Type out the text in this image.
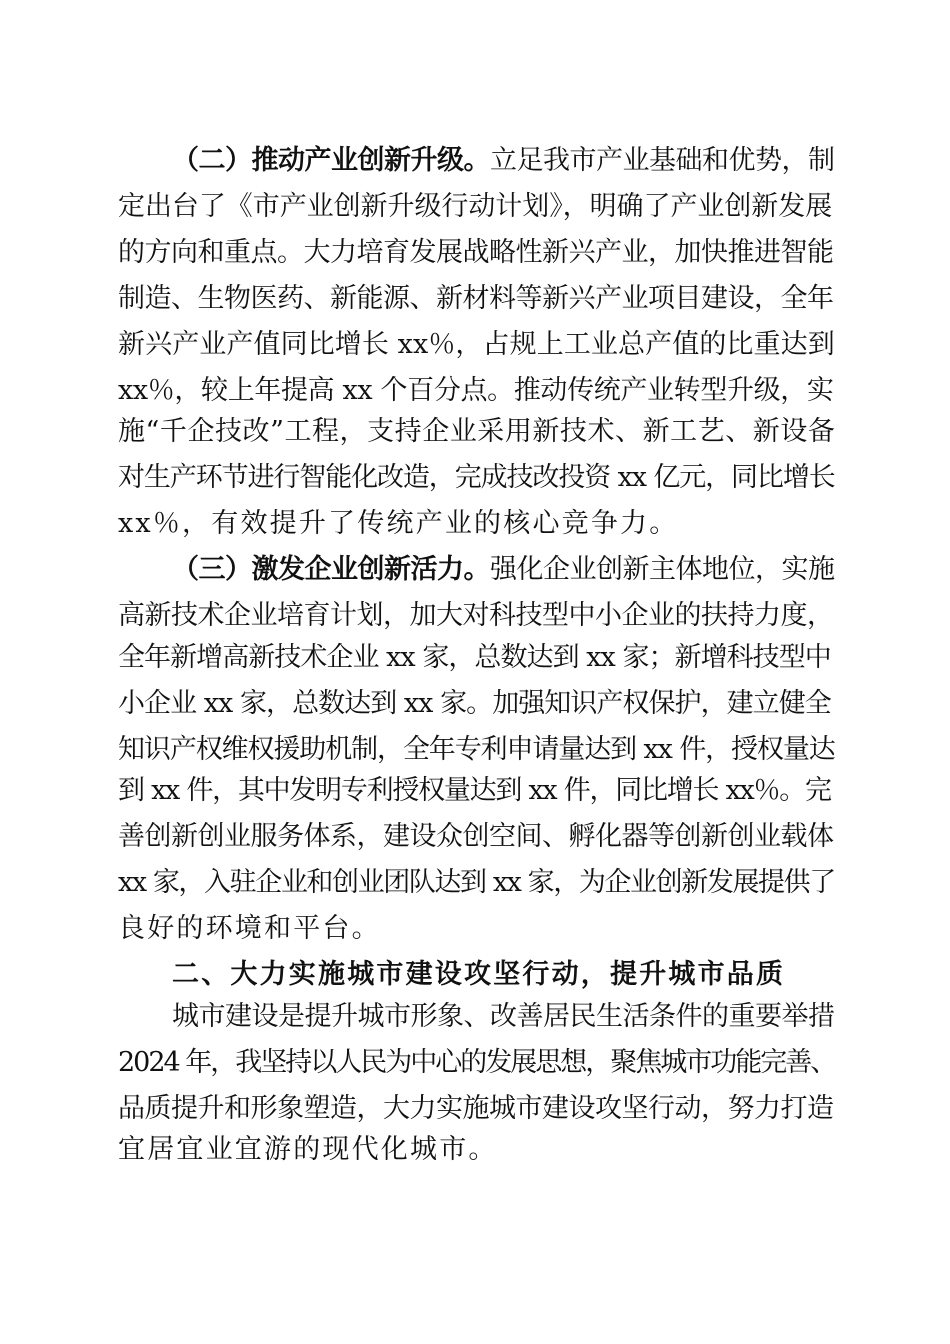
（二）推动产业创新升级。立足我市产业基础和优势，制
定出台了《市产业创新升级行动计划》，明确了产业创新发展
的方向和重点。大力培育发展战略性新兴产业，加快推进智能
制造、生物医药、新能源、新材料等新兴产业项目建设，全年
新兴产业产值同比增长 xx％，占规上工业总产值的比重达到
xx％，较上年提高 xx 个百分点。推动传统产业转型升级，实
施“千企技改”工程，支持企业采用新技术、新工艺、新设备
对生产环节进行智能化改造，完成技改投资 xx 亿元，同比增长
xx％，有效提升了传统产业的核心竞争力。
（三）激发企业创新活力。强化企业创新主体地位，实施
高新技术企业培育计划，加大对科技型中小企业的扶持力度，
全年新增高新技术企业 xx 家，总数达到 xx 家；新增科技型中
小企业 xx 家，总数达到 xx 家。加强知识产权保护，建立健全
知识产权维权援助机制，全年专利申请量达到 xx 件，授权量达
到 xx 件，其中发明专利授权量达到 xx 件，同比增长 xx％。完
善创新创业服务体系，建设众创空间、孵化器等创新创业载体
xx 家，入驻企业和创业团队达到 xx 家，为企业创新发展提供了
良好的环境和平台。
二、大力实施城市建设攻坚行动，提升城市品质
城市建设是提升城市形象、改善居民生活条件的重要举措
2024 年，我坚持以人民为中心的发展思想，聚焦城市功能完善、
品质提升和形象塑造，大力实施城市建设攻坚行动，努力打造
宜居宜业宜游的现代化城市。
